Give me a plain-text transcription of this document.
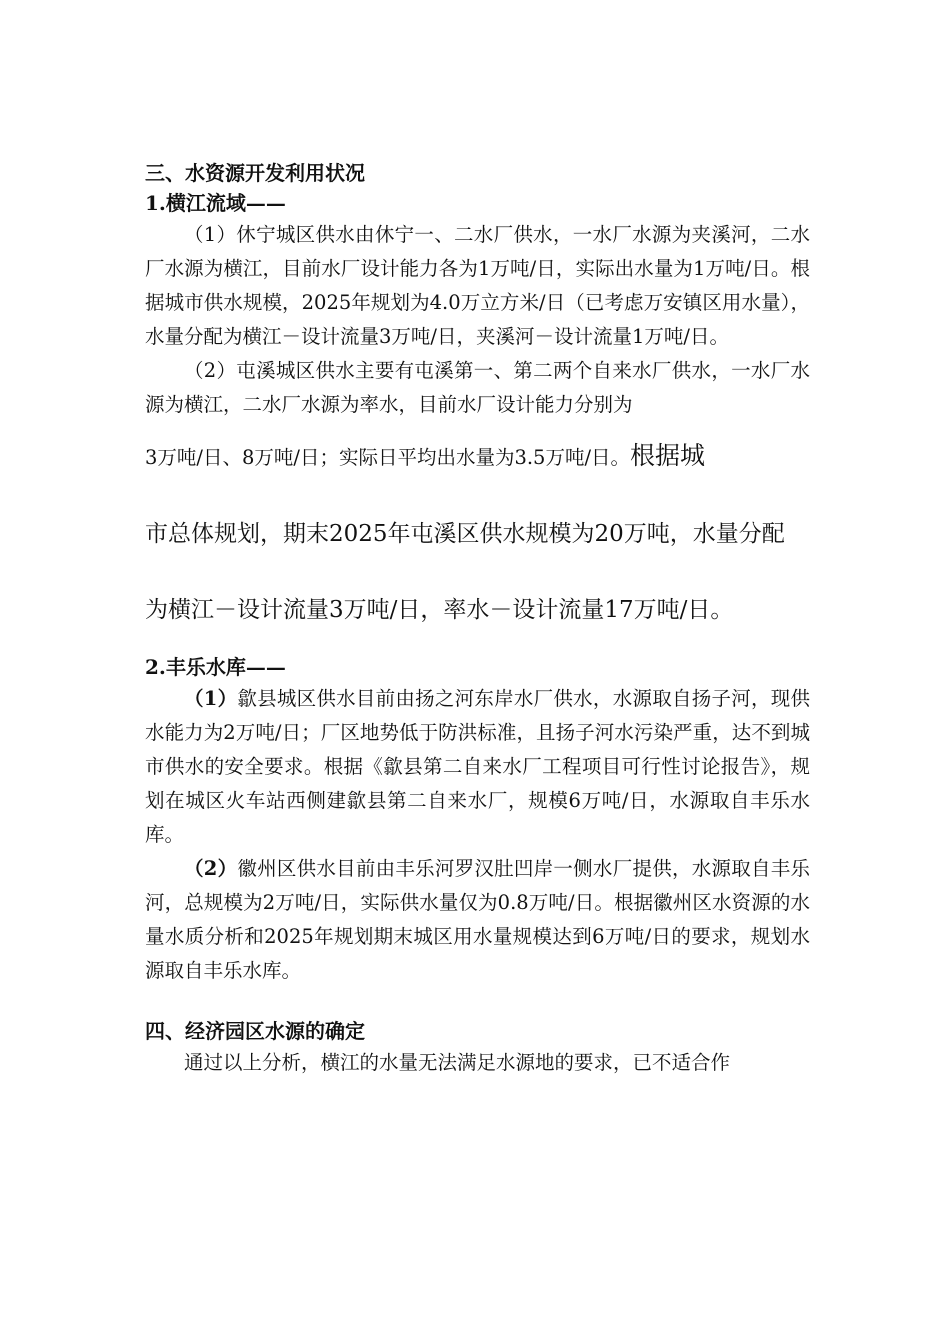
三、水资源开发利用状况

1.横江流域——

（1）休宁城区供水由休宁一、二水厂供水，一水厂水源为夹溪河，二水厂水源为横江，目前水厂设计能力各为1万吨/日，实际出水量为1万吨/日。根据城市供水规模，2025年规划为4.0万立方米/日（已考虑万安镇区用水量），水量分配为横江－设计流量3万吨/日，夹溪河－设计流量1万吨/日。

（2）屯溪城区供水主要有屯溪第一、第二两个自来水厂供水，一水厂水源为横江，二水厂水源为率水，目前水厂设计能力分别为

3万吨/日、8万吨/日；实际日平均出水量为3.5万吨/日。根据城

市总体规划，期末2025年屯溪区供水规模为20万吨，水量分配

为横江－设计流量3万吨/日，率水－设计流量17万吨/日。

2.丰乐水库——

（1）歙县城区供水目前由扬之河东岸水厂供水，水源取自扬子河，现供水能力为2万吨/日；厂区地势低于防洪标准，且扬子河水污染严重，达不到城市供水的安全要求。根据《歙县第二自来水厂工程项目可行性讨论报告》，规划在城区火车站西侧建歙县第二自来水厂，规模6万吨/日，水源取自丰乐水库。

（2）徽州区供水目前由丰乐河罗汉肚凹岸一侧水厂提供，水源取自丰乐河，总规模为2万吨/日，实际供水量仅为0.8万吨/日。根据徽州区水资源的水量水质分析和2025年规划期末城区用水量规模达到6万吨/日的要求，规划水源取自丰乐水库。

四、经济园区水源的确定

通过以上分析，横江的水量无法满足水源地的要求，已不适合作
